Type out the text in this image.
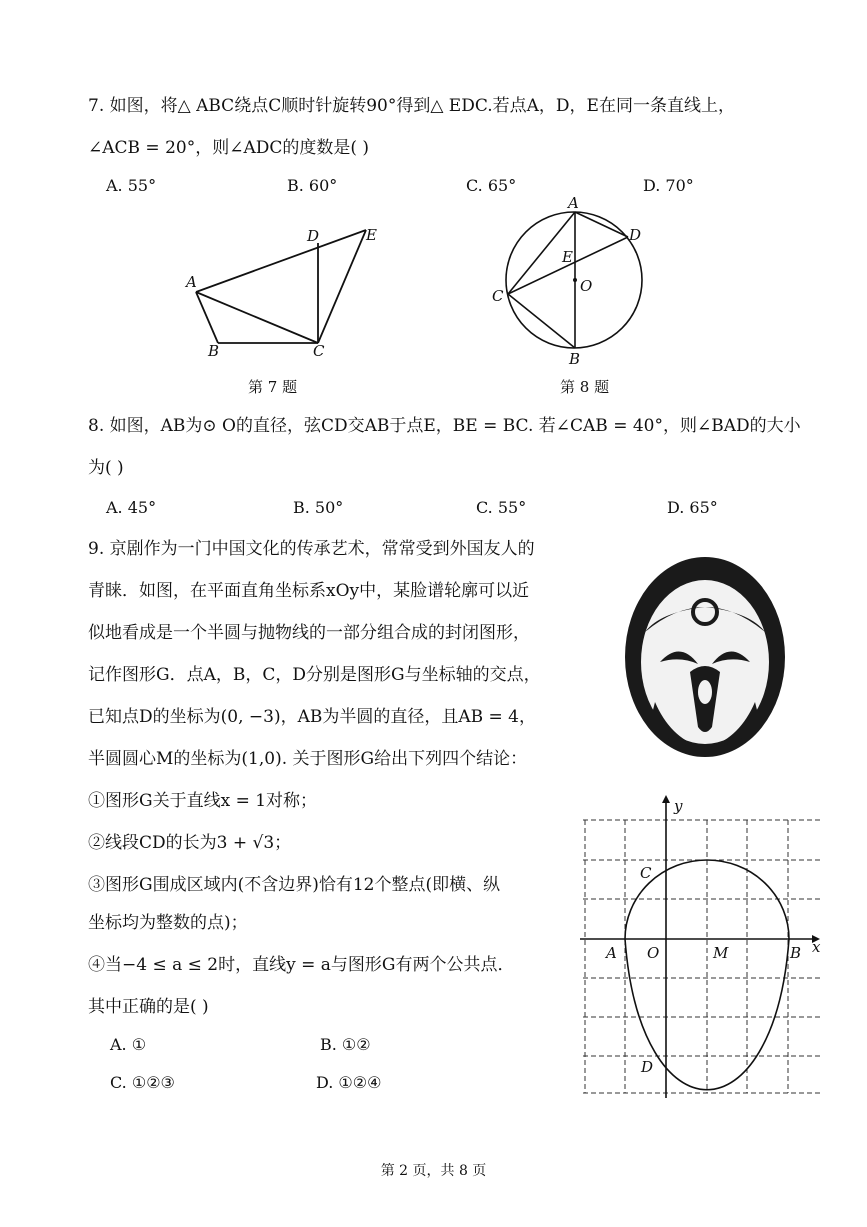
7. 如图，将△ ABC绕点C顺时针旋转90°得到△ EDC.若点A，D，E在同一条直线上，
∠ACB = 20°，则∠ADC的度数是( )
A. 55°	B. 60°	C. 65°	D. 70°
A
B	C
D	E
第 7 题
A
B
C
D
E
O
第 8 题
8. 如图，AB为⊙ O的直径，弦CD交AB于点E，BE = BC. 若∠CAB = 40°，则∠BAD的大小
为( )
A. 45°	B. 50°	C. 55°	D. 65°
9. 京剧作为一门中国文化的传承艺术，常常受到外国友人的
青睐．如图，在平面直角坐标系xOy中，某脸谱轮廓可以近
似地看成是一个半圆与抛物线的一部分组合成的封闭图形，
记作图形G．点A，B，C，D分别是图形G与坐标轴的交点，
已知点D的坐标为(0, −3)，AB为半圆的直径，且AB = 4，
半圆圆心M的坐标为(1,0). 关于图形G给出下列四个结论：
①图形G关于直线x = 1对称；
②线段CD的长为3 + √3；
③图形G围成区域内(不含边界)恰有12个整点(即横、纵
坐标均为整数的点)；
④当−4 ≤ a ≤ 2时，直线y = a与图形G有两个公共点．
其中正确的是( )
A. ①	B. ①②
C. ①②③	D. ①②④
y
x
C
A O	M	B
D
第 2 页，共 8 页
